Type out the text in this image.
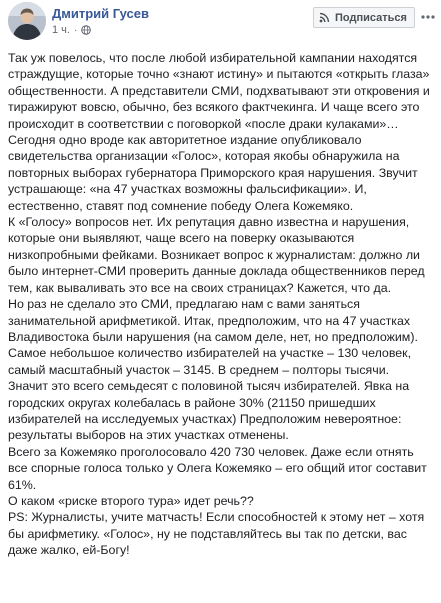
Дмитрий Гусев
1 ч. ·
Подписаться

Так уж повелось, что после любой избирательной кампании находятся страждущие, которые точно «знают истину» и пытаются «открыть глаза» общественности. А представители СМИ, подхватывают эти откровения и тиражируют вовсю, обычно, без всякого фактчекинга. И чаще всего это происходит в соответствии с поговоркой «после драки кулаками»…

Сегодня одно вроде как авторитетное издание опубликовало свидетельства организации «Голос», которая якобы обнаружила на повторных выборах губернатора Приморского края нарушения. Звучит устрашающе: «на 47 участках возможны фальсификации». И, естественно, ставят под сомнение победу Олега Кожемяко.

К «Голосу» вопросов нет. Их репутация давно известна и нарушения, которые они выявляют, чаще всего на поверку оказываются низкопробными фейками. Возникает вопрос к журналистам: должно ли было интернет-СМИ проверить данные доклада общественников перед тем, как вываливать это все на своих страницах? Кажется, что да.

Но раз не сделало это СМИ, предлагаю нам с вами заняться занимательной арифметикой. Итак, предположим, что на 47 участках Владивостока были нарушения (на самом деле, нет, но предположим).

Самое небольшое количество избирателей на участке – 130 человек, самый масштабный участок – 3145. В среднем – полторы тысячи.

Значит это всего семьдесят с половиной тысяч избирателей. Явка на городских округах колебалась в районе 30% (21150 пришедших избирателей на исследуемых участках) Предположим невероятное: результаты выборов на этих участках отменены.

Всего за Кожемяко проголосовало 420 730 человек. Даже если отнять все спорные голоса только у Олега Кожемяко – его общий итог составит 61%.

О каком «риске второго тура» идет речь??

PS: Журналисты, учите матчасть! Если способностей к этому нет – хотя бы арифметику. «Голос», ну не подставляйтесь вы так по детски, вас даже жалко, ей-Богу!
